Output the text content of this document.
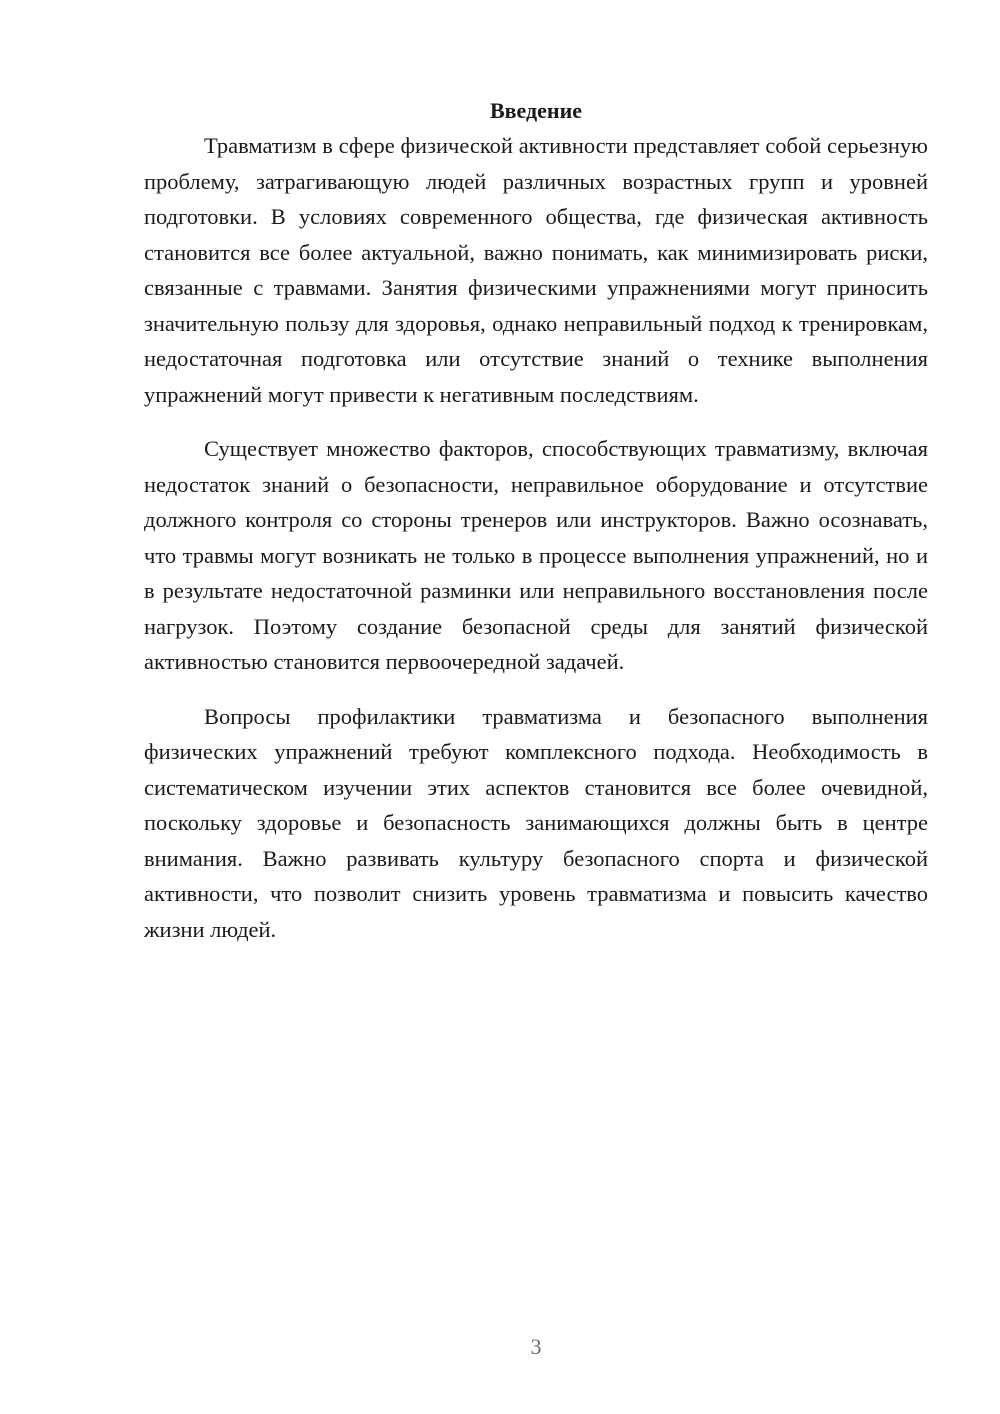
Введение

Травматизм в сфере физической активности представляет собой серьезную проблему, затрагивающую людей различных возрастных групп и уровней подготовки. В условиях современного общества, где физическая активность становится все более актуальной, важно понимать, как минимизировать риски, связанные с травмами. Занятия физическими упражнениями могут приносить значительную пользу для здоровья, однако неправильный подход к тренировкам, недостаточная подготовка или отсутствие знаний о технике выполнения упражнений могут привести к негативным последствиям.

Существует множество факторов, способствующих травматизму, включая недостаток знаний о безопасности, неправильное оборудование и отсутствие должного контроля со стороны тренеров или инструкторов. Важно осознавать, что травмы могут возникать не только в процессе выполнения упражнений, но и в результате недостаточной разминки или неправильного восстановления после нагрузок. Поэтому создание безопасной среды для занятий физической активностью становится первоочередной задачей.

Вопросы профилактики травматизма и безопасного выполнения физических упражнений требуют комплексного подхода. Необходимость в систематическом изучении этих аспектов становится все более очевидной, поскольку здоровье и безопасность занимающихся должны быть в центре внимания. Важно развивать культуру безопасного спорта и физической активности, что позволит снизить уровень травматизма и повысить качество жизни людей.

3
